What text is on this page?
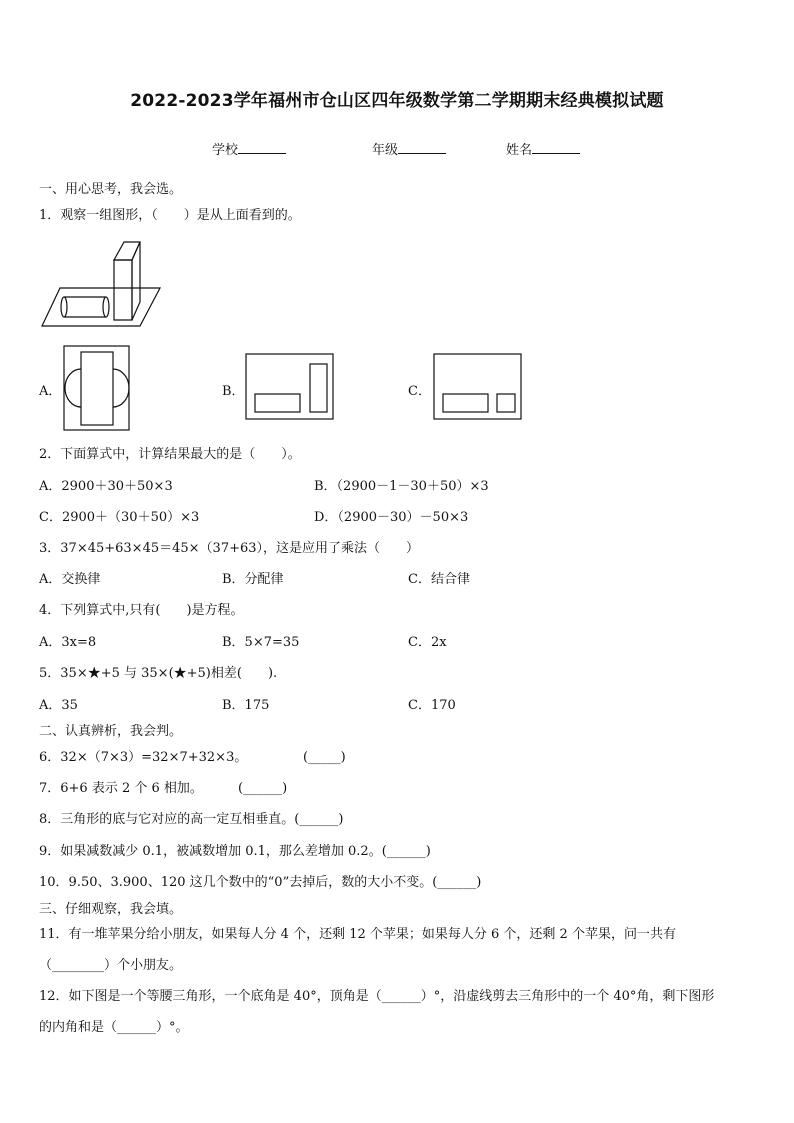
2022-2023学年福州市仓山区四年级数学第二学期期末经典模拟试题
学校	年级	姓名
一、用心思考，我会选。
1．观察一组图形，（　　）是从上面看到的。
A．	B．	C．
2．下面算式中，计算结果最大的是（　　）。
A．2900＋30＋50×3	B．（2900－1－30＋50）×3
C．2900＋（30＋50）×3	D．（2900－30）－50×3
3．37×45+63×45＝45×（37+63），这是应用了乘法（　　）
A．交换律	B．分配律	C．结合律
4．下列算式中,只有(　　)是方程。
A．3x=8	B．5×7=35	C．2x
5．35×★+5 与 35×(★+5)相差(　　).
A．35	B．175	C．170
二、认真辨析，我会判。
6．32×（7×3）=32×7+32×3。	(_____)
7．6+6 表示 2 个 6 相加。	(______)
8．三角形的底与它对应的高一定互相垂直。(______)
9．如果减数减少 0.1，被减数增加 0.1，那么差增加 0.2。(______)
10．9.50、3.900、120 这几个数中的“0”去掉后，数的大小不变。(______)
三、仔细观察，我会填。
11．有一堆苹果分给小朋友，如果每人分 4 个，还剩 12 个苹果；如果每人分 6 个，还剩 2 个苹果，问一共有
（________）个小朋友。
12．如下图是一个等腰三角形，一个底角是 40°，顶角是（______）°，沿虚线剪去三角形中的一个 40°角，剩下图形
的内角和是（______）°。
